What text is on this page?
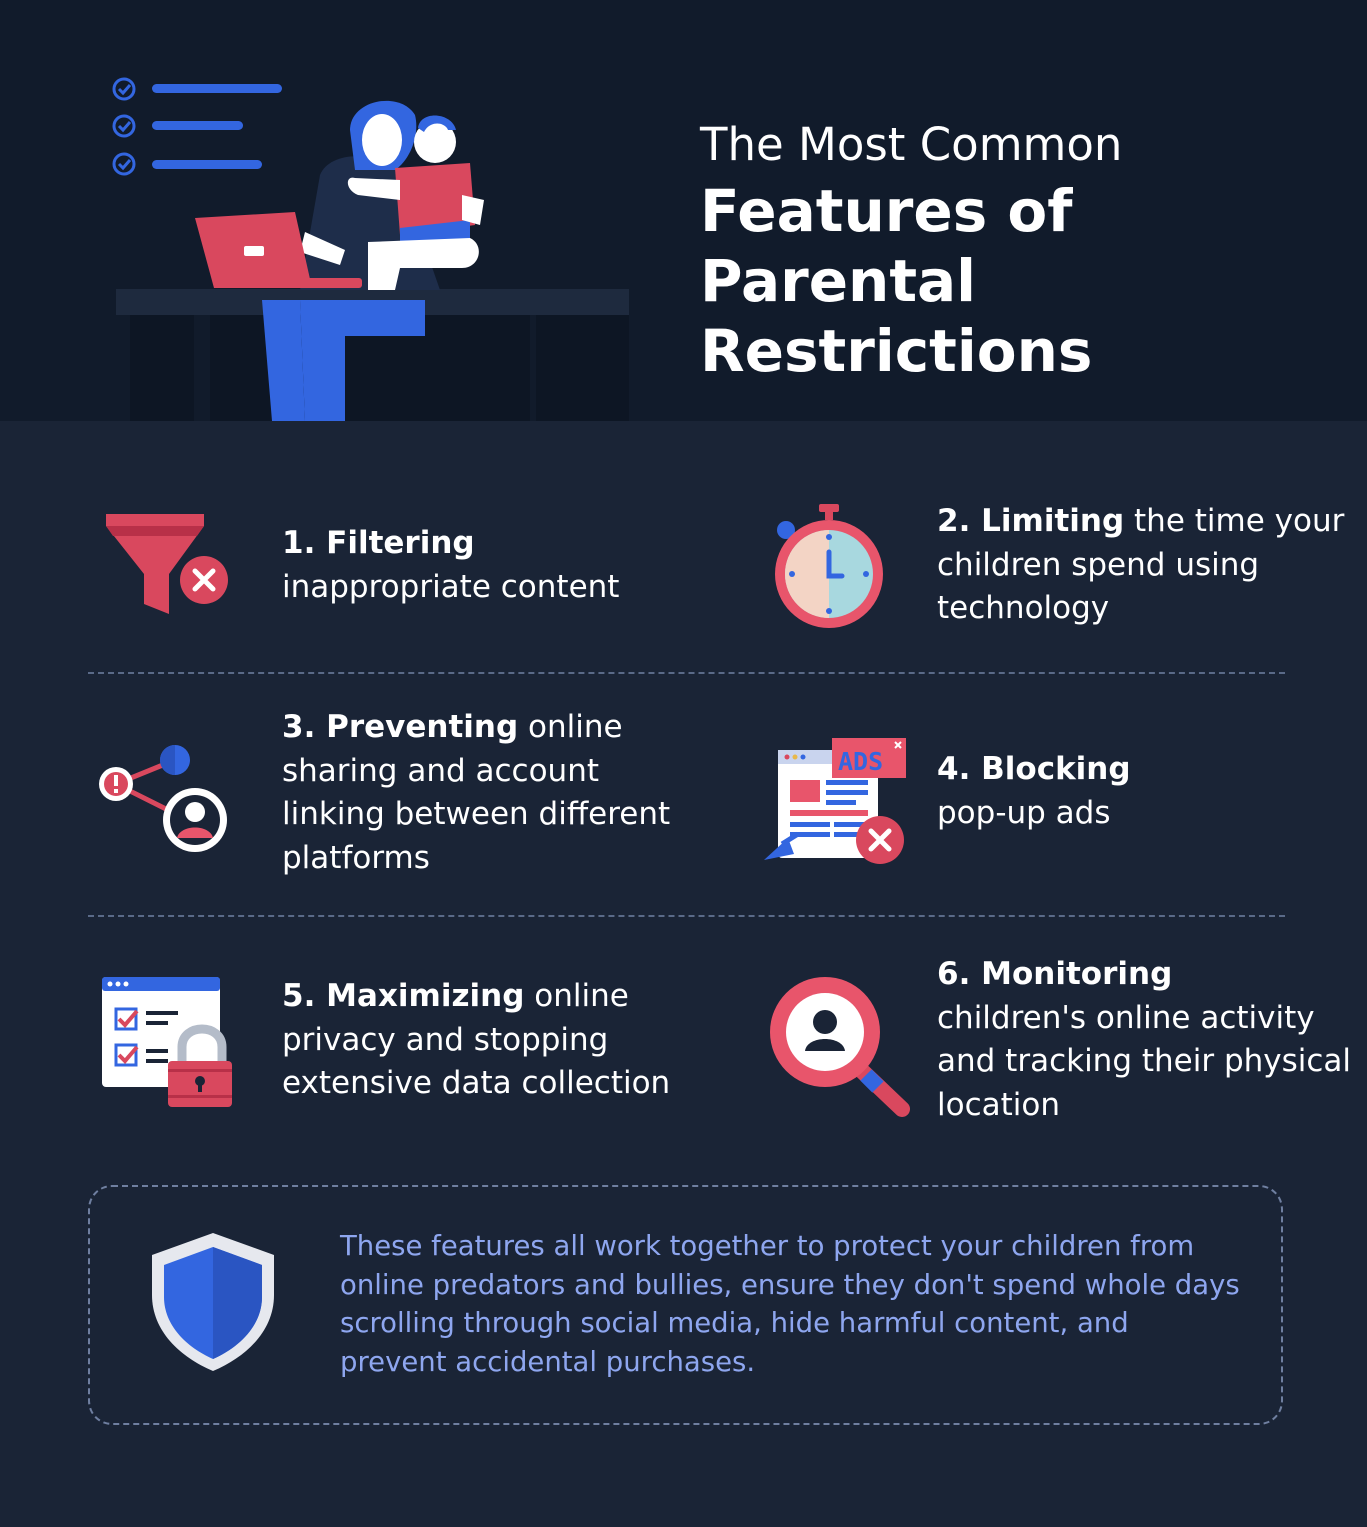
The Most Common
Features of Parental Restrictions
1. Filtering
inappropriate content
2. Limiting the time your children spend using technology
3. Preventing online sharing and account linking between different platforms
ADS 4. Blocking
pop-up ads
5. Maximizing online privacy and stopping extensive data collection
6. Monitoring
children's online activity and tracking their physical location
These features all work together to protect your children from online predators and bullies, ensure they don't spend whole days scrolling through social media, hide harmful content, and prevent accidental purchases.
